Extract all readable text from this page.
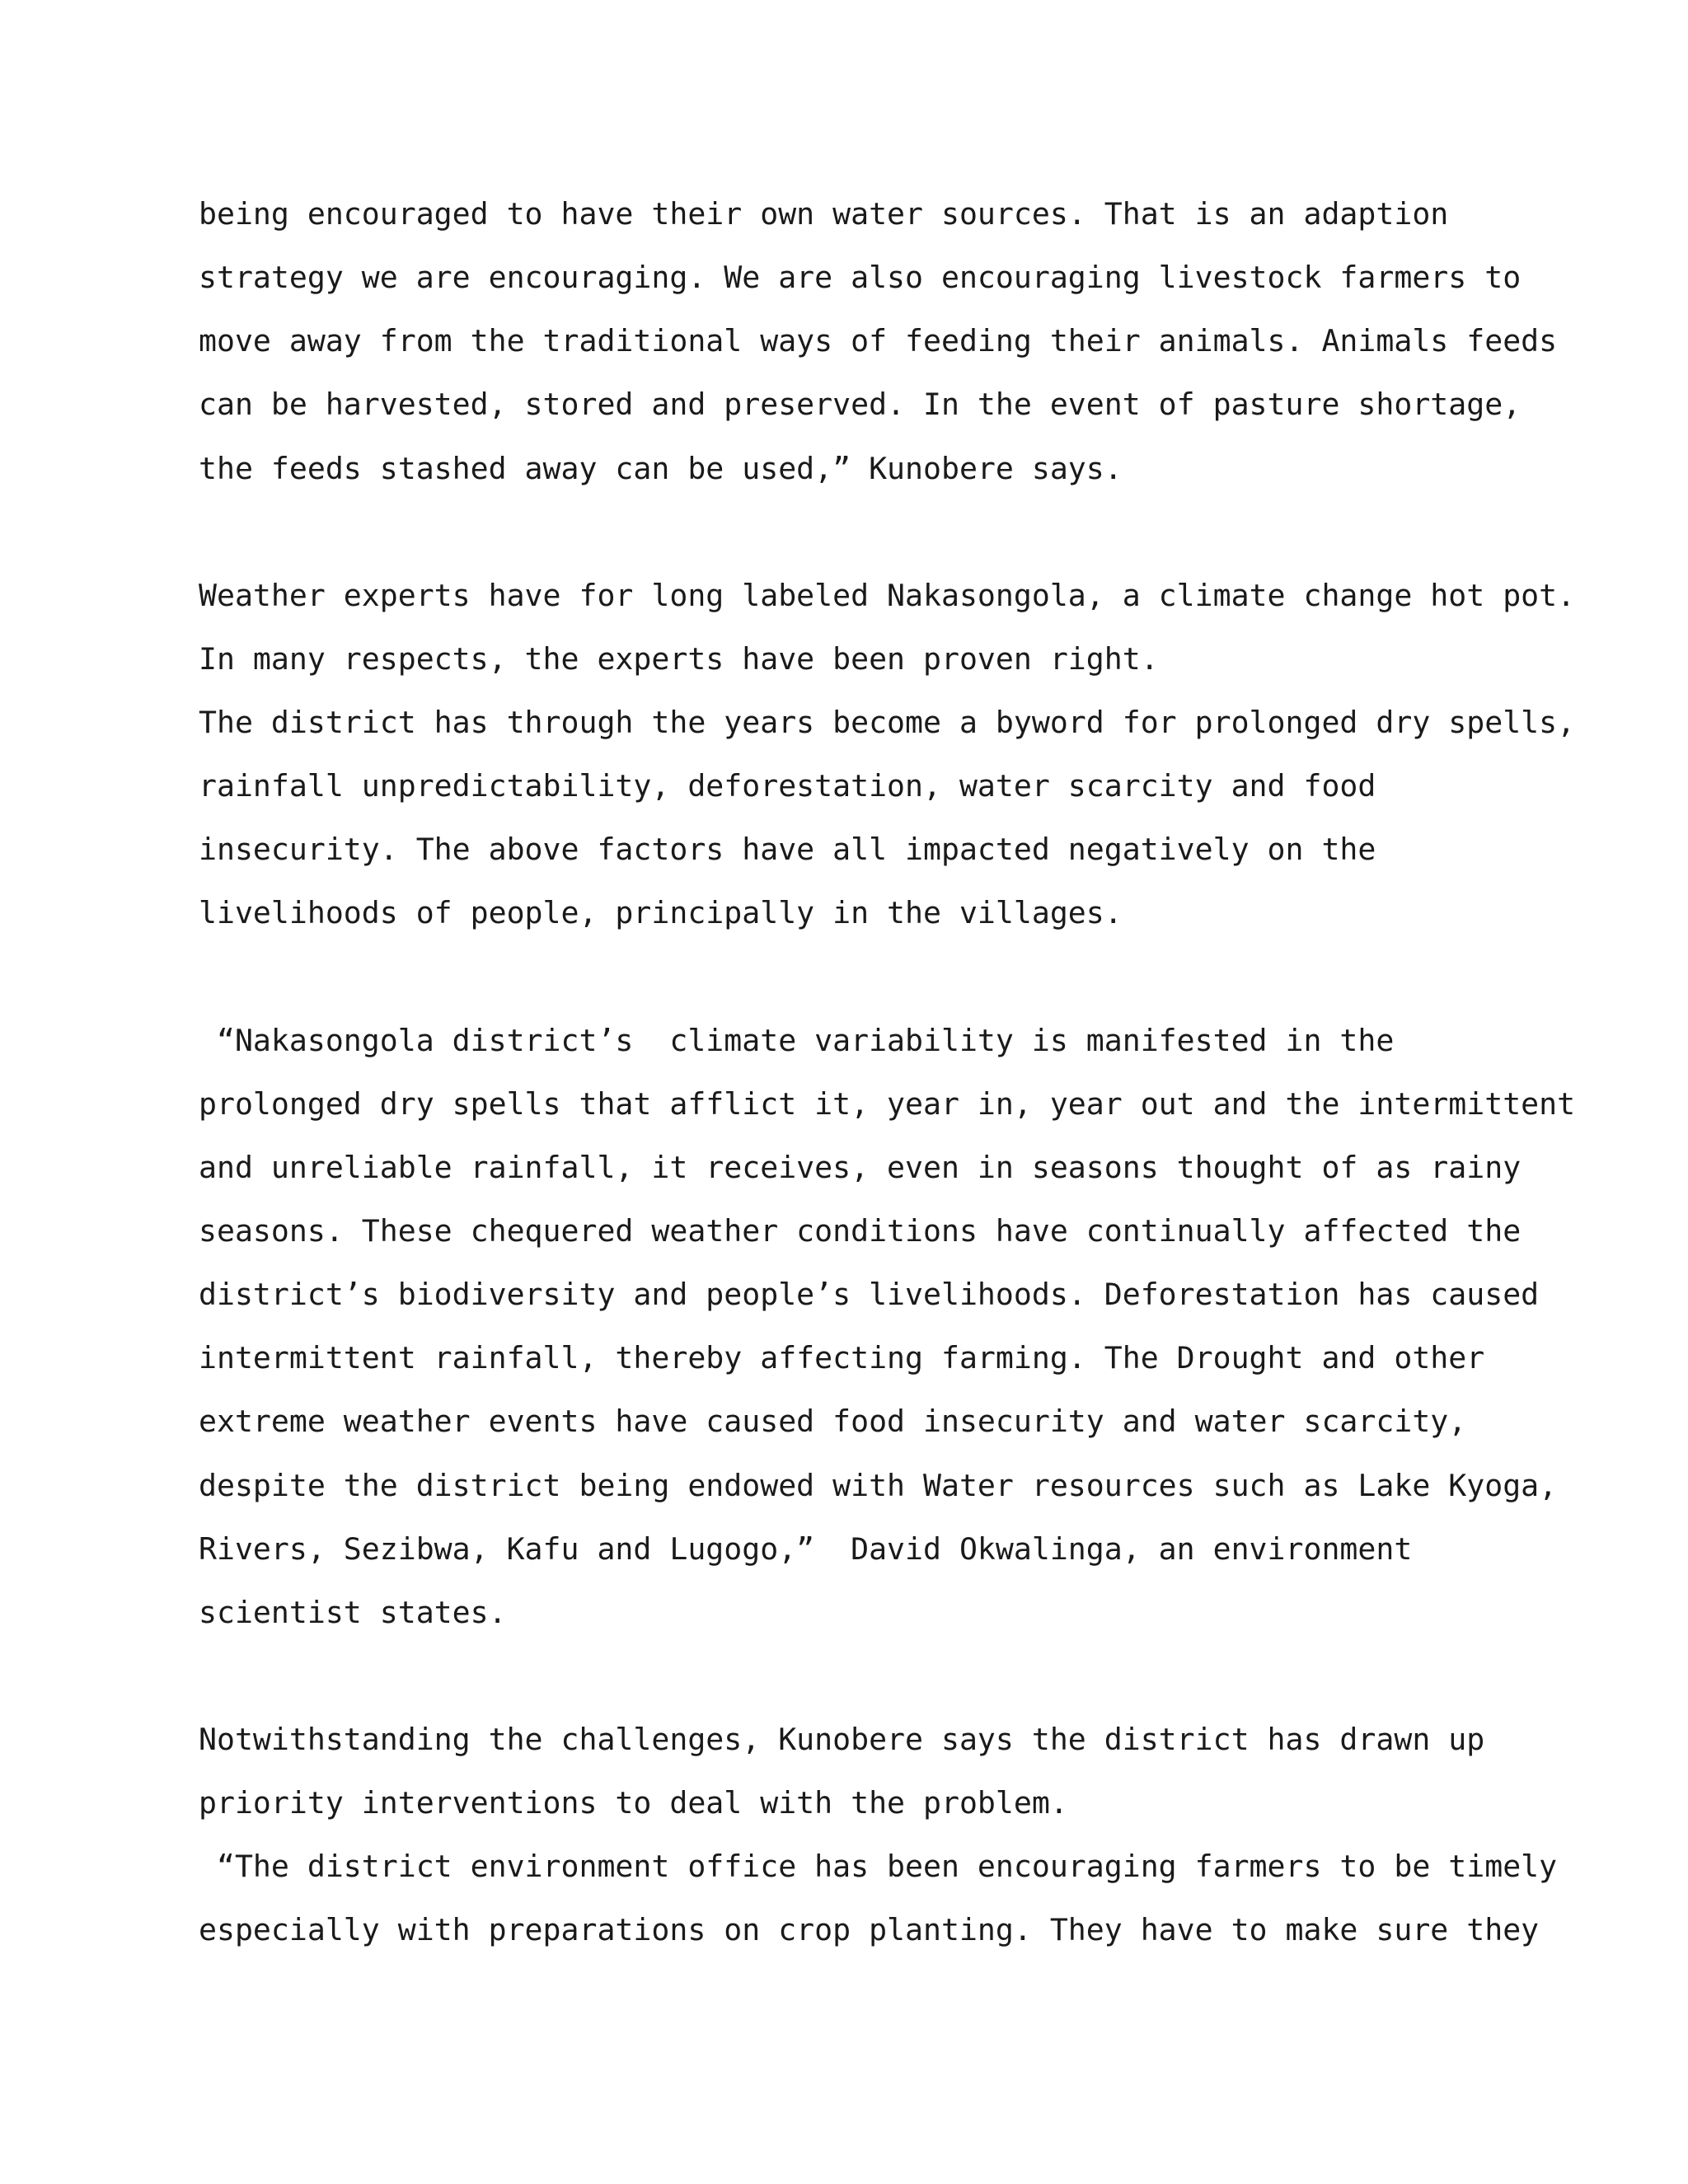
being encouraged to have their own water sources. That is an adaption
strategy we are encouraging. We are also encouraging livestock farmers to
move away from the traditional ways of feeding their animals. Animals feeds
can be harvested, stored and preserved. In the event of pasture shortage,
the feeds stashed away can be used,” Kunobere says.
Weather experts have for long labeled Nakasongola, a climate change hot pot.
In many respects, the experts have been proven right.
The district has through the years become a byword for prolonged dry spells,
rainfall unpredictability, deforestation, water scarcity and food
insecurity. The above factors have all impacted negatively on the
livelihoods of people, principally in the villages.
“Nakasongola district’s  climate variability is manifested in the
prolonged dry spells that afflict it, year in, year out and the intermittent
and unreliable rainfall, it receives, even in seasons thought of as rainy
seasons. These chequered weather conditions have continually affected the
district’s biodiversity and people’s livelihoods. Deforestation has caused
intermittent rainfall, thereby affecting farming. The Drought and other
extreme weather events have caused food insecurity and water scarcity,
despite the district being endowed with Water resources such as Lake Kyoga,
Rivers, Sezibwa, Kafu and Lugogo,”  David Okwalinga, an environment
scientist states.
Notwithstanding the challenges, Kunobere says the district has drawn up
priority interventions to deal with the problem.
“The district environment office has been encouraging farmers to be timely
especially with preparations on crop planting. They have to make sure they
